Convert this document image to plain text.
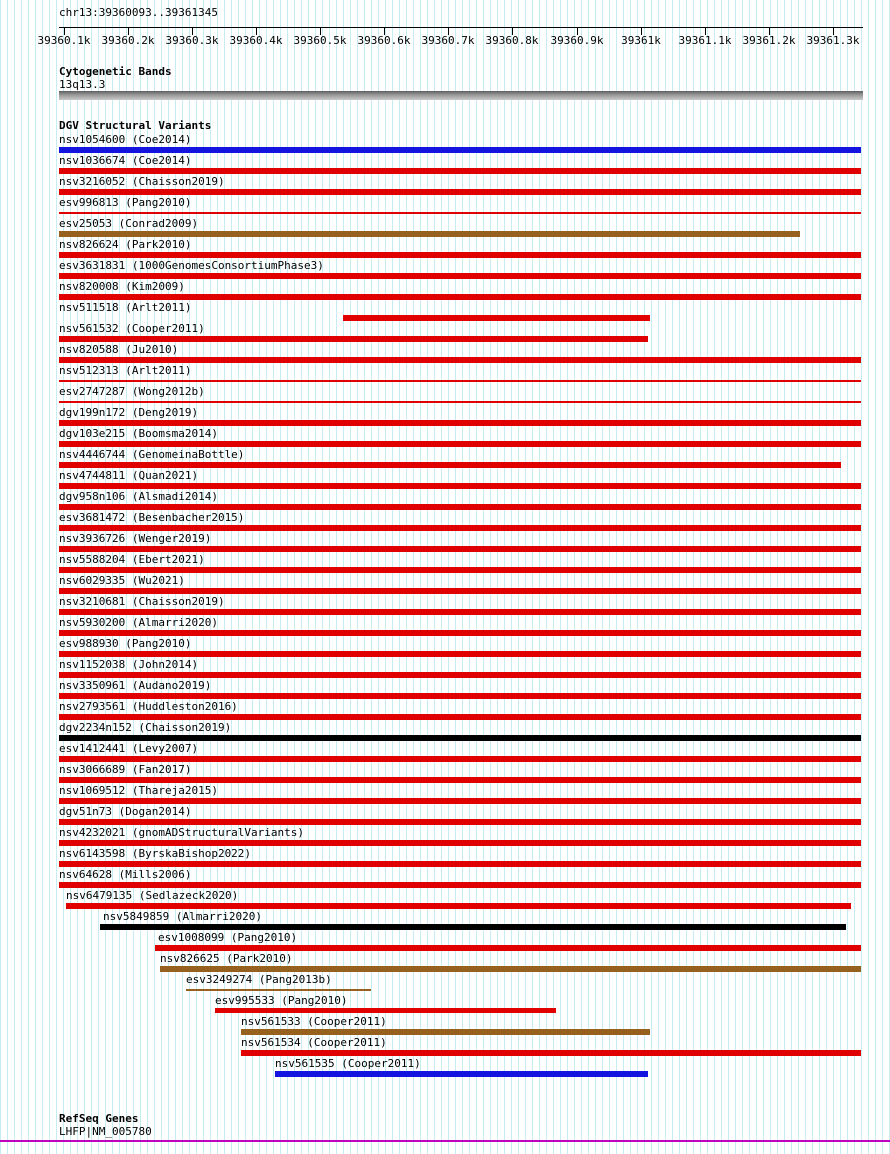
chr13:39360093..39361345
39360.1k 39360.2k 39360.3k 39360.4k 39360.5k 39360.6k 39360.7k 39360.8k 39360.9k 39361k 39361.1k 39361.2k 39361.3k
Cytogenetic Bands
13q13.3
DGV Structural Variants
nsv1054600 (Coe2014)
nsv1036674 (Coe2014)
nsv3216052 (Chaisson2019)
esv996813 (Pang2010)
esv25053 (Conrad2009)
nsv826624 (Park2010)
esv3631831 (1000GenomesConsortiumPhase3)
nsv820008 (Kim2009)
nsv511518 (Arlt2011)
nsv561532 (Cooper2011)
nsv820588 (Ju2010)
nsv512313 (Arlt2011)
esv2747287 (Wong2012b)
dgv199n172 (Deng2019)
dgv103e215 (Boomsma2014)
nsv4446744 (GenomeinaBottle)
nsv4744811 (Quan2021)
dgv958n106 (Alsmadi2014)
esv3681472 (Besenbacher2015)
nsv3936726 (Wenger2019)
nsv5588204 (Ebert2021)
nsv6029335 (Wu2021)
nsv3210681 (Chaisson2019)
nsv5930200 (Almarri2020)
esv988930 (Pang2010)
nsv1152038 (John2014)
nsv3350961 (Audano2019)
nsv2793561 (Huddleston2016)
dgv2234n152 (Chaisson2019)
esv1412441 (Levy2007)
nsv3066689 (Fan2017)
nsv1069512 (Thareja2015)
dgv51n73 (Dogan2014)
nsv4232021 (gnomADStructuralVariants)
nsv6143598 (ByrskaBishop2022)
nsv64628 (Mills2006)
nsv6479135 (Sedlazeck2020)
nsv5849859 (Almarri2020)
esv1008099 (Pang2010)
nsv826625 (Park2010)
esv3249274 (Pang2013b)
esv995533 (Pang2010)
nsv561533 (Cooper2011)
nsv561534 (Cooper2011)
nsv561535 (Cooper2011)
RefSeq Genes
LHFP|NM_005780
